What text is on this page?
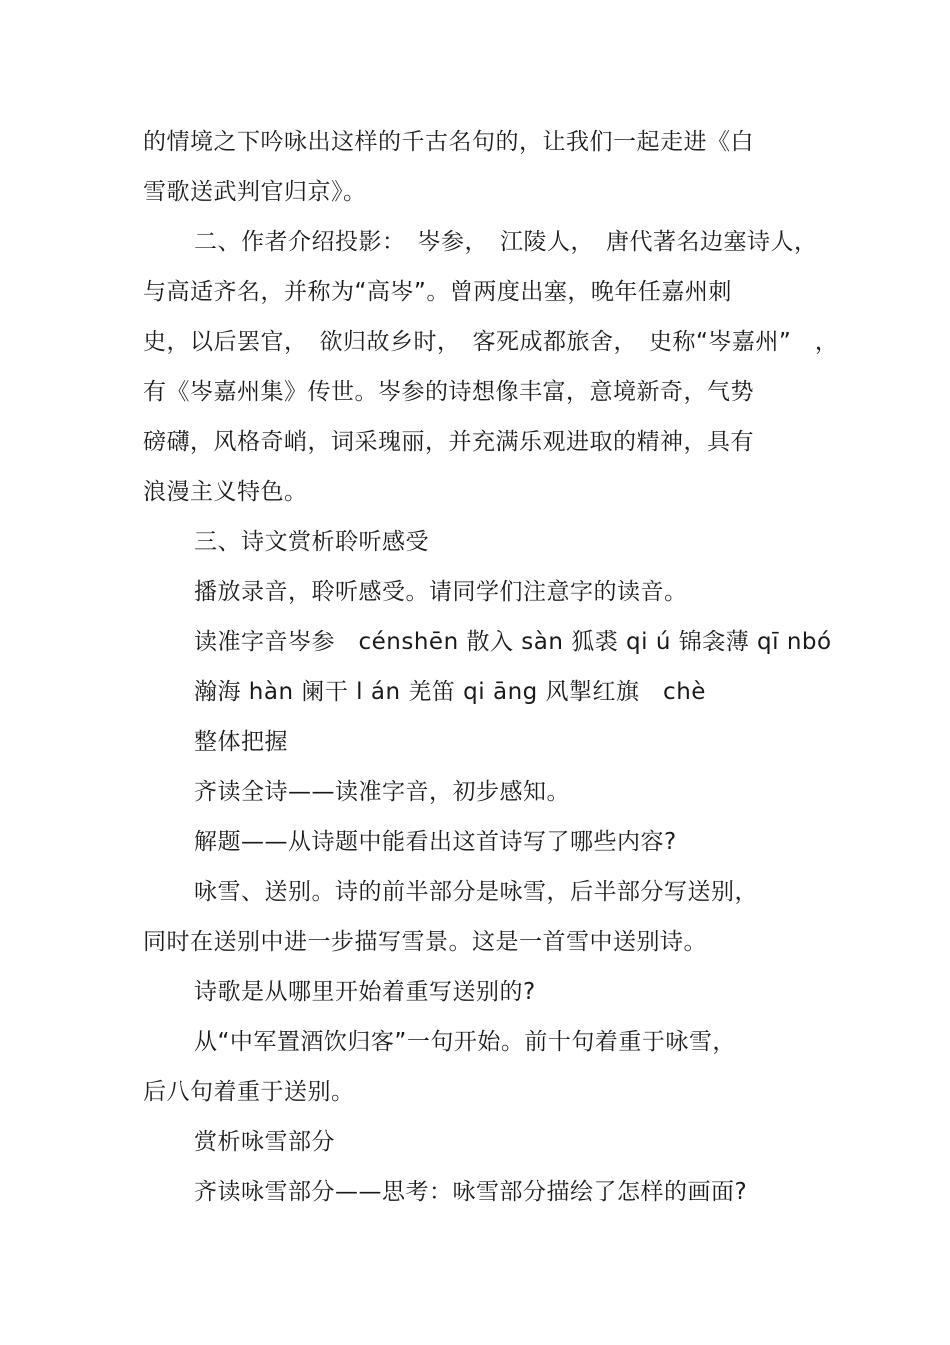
的情境之下吟咏出这样的千古名句的，让我们一起走进《白
雪歌送武判官归京》。
二、作者介绍投影：　岑参，　江陵人，　唐代著名边塞诗人，
与高适齐名，并称为“高岑”。曾两度出塞，晚年任嘉州刺
史，以后罢官，　欲归故乡时，　客死成都旅舍，　史称“岑嘉州”　，
有《岑嘉州集》传世。岑参的诗想像丰富，意境新奇，气势
磅礴，风格奇峭，词采瑰丽，并充满乐观进取的精神，具有
浪漫主义特色。
三、诗文赏析聆听感受
播放录音，聆听感受。请同学们注意字的读音。
读准字音岑参　cénshēn 散入 sàn 狐裘 qi ú 锦衾薄 qī nbó
瀚海 hàn 阑干 l án 羌笛 qi āng 风掣红旗　chè
整体把握
齐读全诗——读准字音，初步感知。
解题——从诗题中能看出这首诗写了哪些内容?
咏雪、送别。诗的前半部分是咏雪，后半部分写送别，
同时在送别中进一步描写雪景。这是一首雪中送别诗。
诗歌是从哪里开始着重写送别的?
从“中军置酒饮归客”一句开始。前十句着重于咏雪，
后八句着重于送别。
赏析咏雪部分
齐读咏雪部分——思考：咏雪部分描绘了怎样的画面?
